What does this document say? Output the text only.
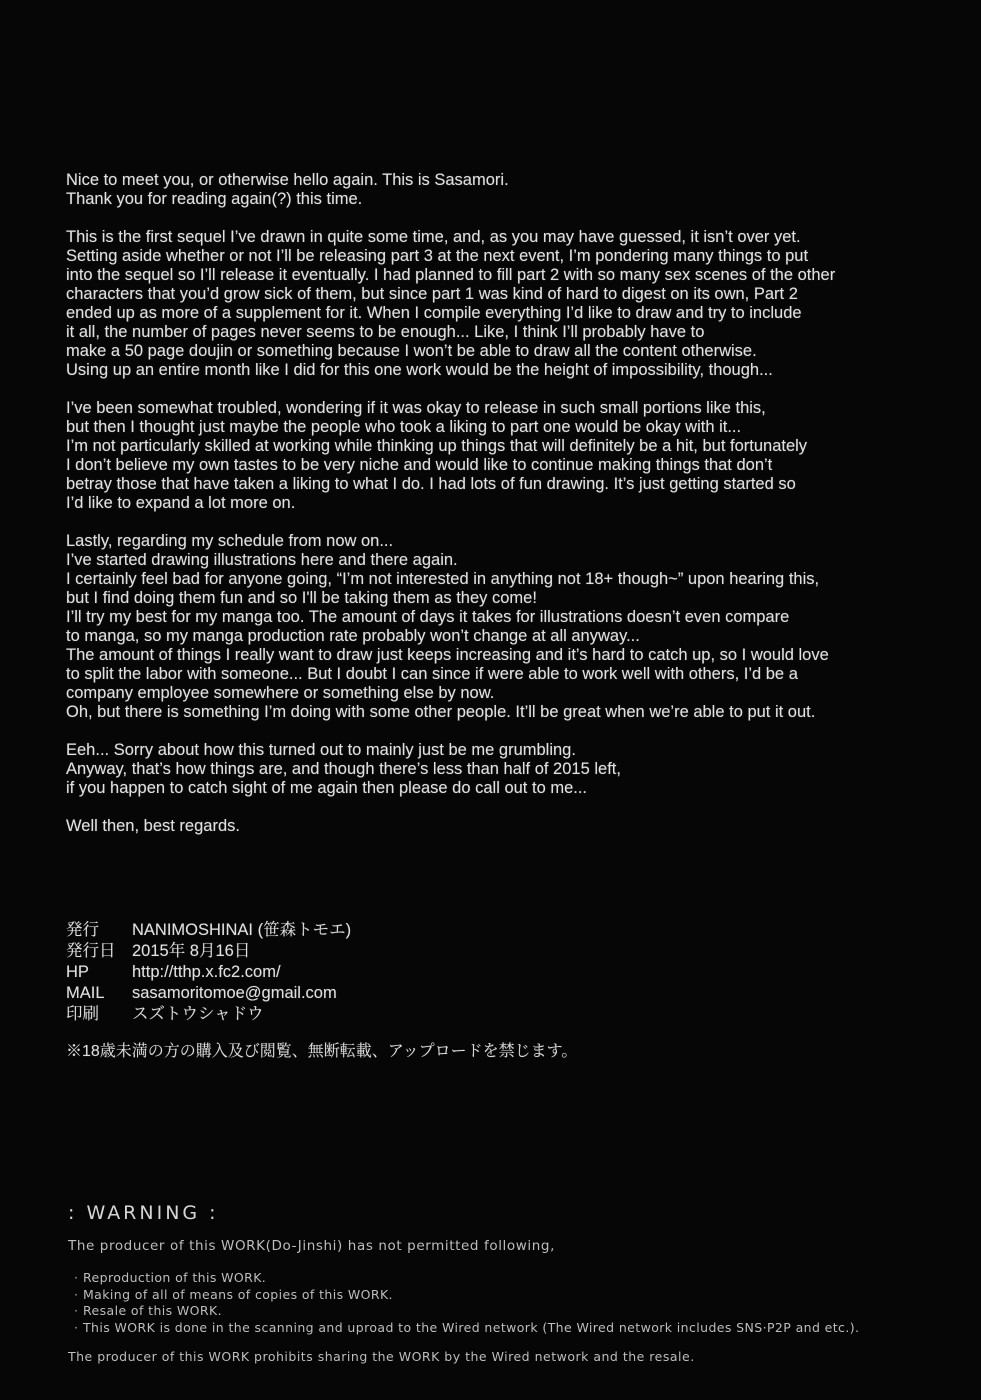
Nice to meet you, or otherwise hello again. This is Sasamori.
Thank you for reading again(?) this time.

This is the first sequel I’ve drawn in quite some time, and, as you may have guessed, it isn’t over yet.
Setting aside whether or not I’ll be releasing part 3 at the next event, I’m pondering many things to put
into the sequel so I’ll release it eventually. I had planned to fill part 2 with so many sex scenes of the other
characters that you’d grow sick of them, but since part 1 was kind of hard to digest on its own, Part 2
ended up as more of a supplement for it. When I compile everything I’d like to draw and try to include
it all, the number of pages never seems to be enough... Like, I think I’ll probably have to
make a 50 page doujin or something because I won’t be able to draw all the content otherwise.
Using up an entire month like I did for this one work would be the height of impossibility, though...

I’ve been somewhat troubled, wondering if it was okay to release in such small portions like this,
but then I thought just maybe the people who took a liking to part one would be okay with it...
I’m not particularly skilled at working while thinking up things that will definitely be a hit, but fortunately
I don’t believe my own tastes to be very niche and would like to continue making things that don’t
betray those that have taken a liking to what I do. I had lots of fun drawing. It’s just getting started so
I’d like to expand a lot more on.

Lastly, regarding my schedule from now on...
I’ve started drawing illustrations here and there again.
I certainly feel bad for anyone going, “I’m not interested in anything not 18+ though~” upon hearing this,
but I find doing them fun and so I'll be taking them as they come!
I’ll try my best for my manga too. The amount of days it takes for illustrations doesn’t even compare
to manga, so my manga production rate probably won’t change at all anyway...
The amount of things I really want to draw just keeps increasing and it’s hard to catch up, so I would love
to split the labor with someone... But I doubt I can since if were able to work well with others, I’d be a
company employee somewhere or something else by now.
Oh, but there is something I’m doing with some other people. It’ll be great when we’re able to put it out.

Eeh... Sorry about how this turned out to mainly just be me grumbling.
Anyway, that’s how things are, and though there’s less than half of 2015 left,
if you happen to catch sight of me again then please do call out to me...

Well then, best regards.

発行	NANIMOSHINAI (笹森トモエ)
発行日	2015年 8月16日
HP	http://tthp.x.fc2.com/
MAIL	sasamoritomoe@gmail.com
印刷	スズトウシャドウ
※18歳未満の方の購入及び閲覧、無断転載、アップロードを禁じます。
: WARNING :
The producer of this WORK(Do-Jinshi) has not permitted following,
· Reproduction of this WORK.
· Making of all of means of copies of this WORK.
· Resale of this WORK.
· This WORK is done in the scanning and uproad to the Wired network (The Wired network includes SNS·P2P and etc.).
The producer of this WORK prohibits sharing the WORK by the Wired network and the resale.
